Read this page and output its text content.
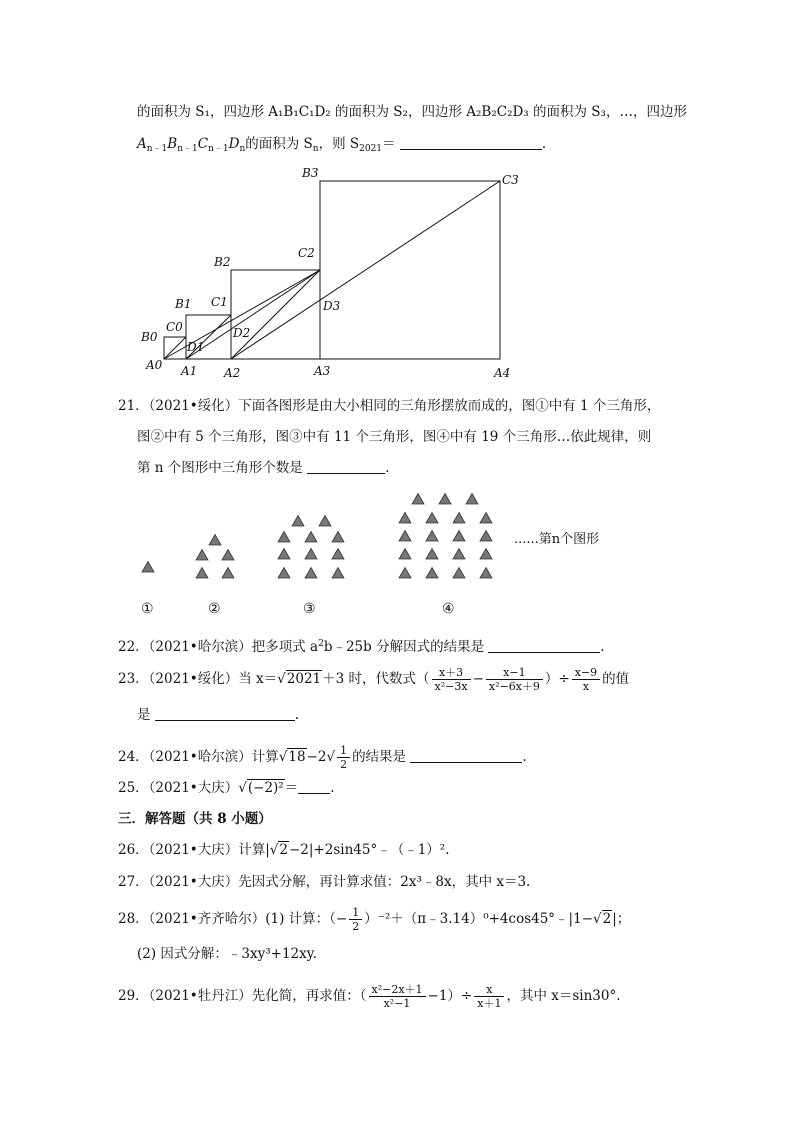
的面积为 S₁，四边形 A₁B₁C₁D₂ 的面积为 S₂，四边形 A₂B₂C₂D₃ 的面积为 S₃，…，四边形
$A_{n﹣1}B_{n﹣1}C_{n﹣1}D_n$的面积为 $S_n$，则 $S_{2021}=$	.
B3	C3
B2
C2
B1 C1
C0
B0
D1
D2
D3
A0 A1 A2	A3	A4
21．（2021•绥化）下面各图形是由大小相同的三角形摆放而成的，图①中有 1 个三角形，
图②中有 5 个三角形，图③中有 11 个三角形，图④中有 19 个三角形…依此规律，则
第 n 个图形中三角形个数是	.
......第n个图形
①	②	③	④
22．（2021•哈尔滨）把多项式 $a^2b﹣25b$ 分解因式的结果是	.
23．（2021•绥化）当 x＝√2021＋3 时，代数式（ $\frac{x+3}{\text{x²−3x}} - \frac{x-1}{\text{x²−6x＋9}}$ ）÷ $\frac{x-9}{x}$ 的值
是	.
24．（2021•哈尔滨）计算$√18-2√ \frac{1}{2}$ 的结果是	.
25．（2021•大庆）√(−2)²＝ .
三．解答题（共 8 小题）
26．（2021•大庆）计算|√2−2|+2sin45°﹣（﹣1）².
27．（2021•大庆）先因式分解，再计算求值：2x³﹣8x，其中 x＝3.
28．（2021•齐齐哈尔）(1) 计算：（− $\frac{1}{2}$ ）⁻²＋（π﹣3.14）⁰+4cos45°﹣|1−√2|；
(2) 因式分解：﹣3xy³+12xy.
29．（2021•牡丹江）先化简，再求值：（ $\frac{\text{x²−2x＋1}}{\text{x²−1}} -1)\div \frac{x}{x+1}$ ，其中 x＝sin30°.
